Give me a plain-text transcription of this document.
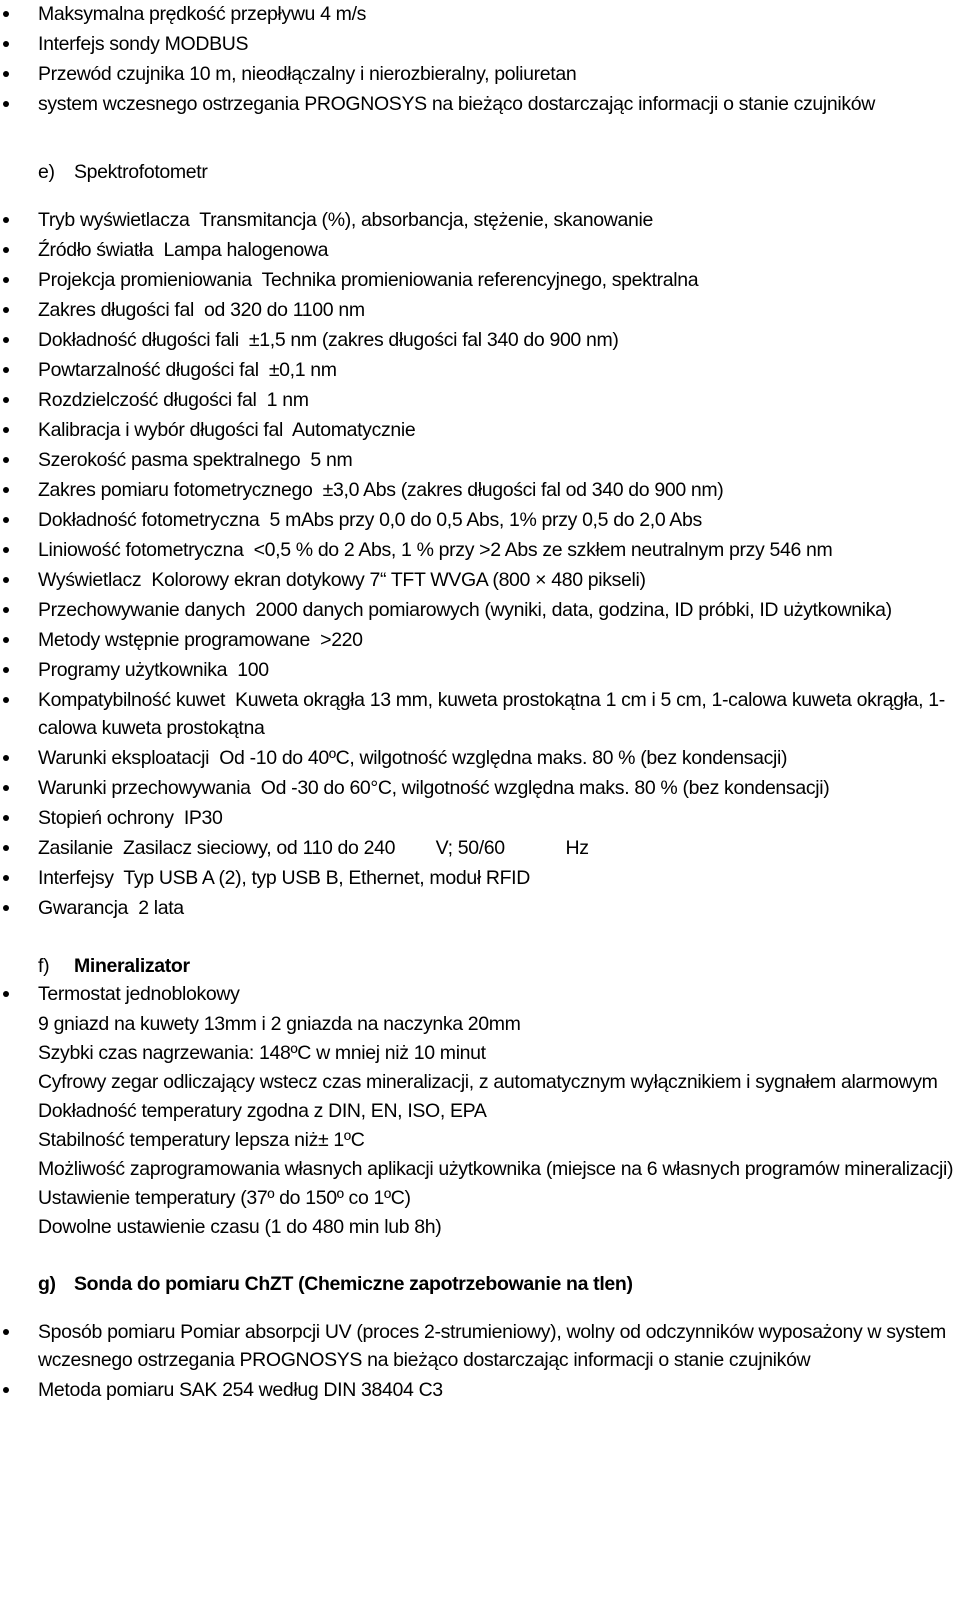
Maksymalna prędkość przepływu 4 m/s
Interfejs sondy MODBUS
Przewód czujnika 10 m, nieodłączalny i nierozbieralny, poliuretan
system wczesnego ostrzegania PROGNOSYS na bieżąco dostarczając informacji o stanie czujników
e) Spektrofotometr
Tryb wyświetlacza  Transmitancja (%), absorbancja, stężenie, skanowanie
Źródło światła  Lampa halogenowa
Projekcja promieniowania  Technika promieniowania referencyjnego, spektralna
Zakres długości fal  od 320 do 1100 nm
Dokładność długości fali  ±1,5 nm (zakres długości fal 340 do 900 nm)
Powtarzalność długości fal  ±0,1 nm
Rozdzielczość długości fal  1 nm
Kalibracja i wybór długości fal  Automatycznie
Szerokość pasma spektralnego  5 nm
Zakres pomiaru fotometrycznego  ±3,0 Abs (zakres długości fal od 340 do 900 nm)
Dokładność fotometryczna  5 mAbs przy 0,0 do 0,5 Abs, 1% przy 0,5 do 2,0 Abs
Liniowość fotometryczna  <0,5 % do 2 Abs, 1 % przy >2 Abs ze szkłem neutralnym przy 546 nm
Wyświetlacz  Kolorowy ekran dotykowy 7“ TFT WVGA (800 × 480 pikseli)
Przechowywanie danych  2000 danych pomiarowych (wyniki, data, godzina, ID próbki, ID użytkownika)
Metody wstępnie programowane  >220
Programy użytkownika  100
Kompatybilność kuwet  Kuweta okrągła 13 mm, kuweta prostokątna 1 cm i 5 cm, 1-calowa kuweta okrągła, 1-calowa kuweta prostokątna
Warunki eksploatacji  Od -10 do 40ºC, wilgotność względna maks. 80 % (bez kondensacji)
Warunki przechowywania  Od -30 do 60°C, wilgotność względna maks. 80 % (bez kondensacji)
Stopień ochrony  IP30
Zasilanie  Zasilacz sieciowy, od 110 do 240        V; 50/60            Hz
Interfejsy  Typ USB A (2), typ USB B, Ethernet, moduł RFID
Gwarancja  2 lata
f) Mineralizator
Termostat jednoblokowy
9 gniazd na kuwety 13mm i 2 gniazda na naczynka 20mm
Szybki czas nagrzewania: 148ºC w mniej niż 10 minut
Cyfrowy zegar odliczający wstecz czas mineralizacji, z automatycznym wyłącznikiem i sygnałem alarmowym
Dokładność temperatury zgodna z DIN, EN, ISO, EPA
Stabilność temperatury lepsza niż± 1ºC
Możliwość zaprogramowania własnych aplikacji użytkownika (miejsce na 6 własnych programów mineralizacji)
Ustawienie temperatury (37º do 150º co 1ºC)
Dowolne ustawienie czasu (1 do 480 min lub 8h)
g) Sonda do pomiaru ChZT (Chemiczne zapotrzebowanie na tlen)
Sposób pomiaru Pomiar absorpcji UV (proces 2-strumieniowy), wolny od odczynników wyposażony w system wczesnego ostrzegania PROGNOSYS na bieżąco dostarczając informacji o stanie czujników
Metoda pomiaru SAK 254 według DIN 38404 C3
